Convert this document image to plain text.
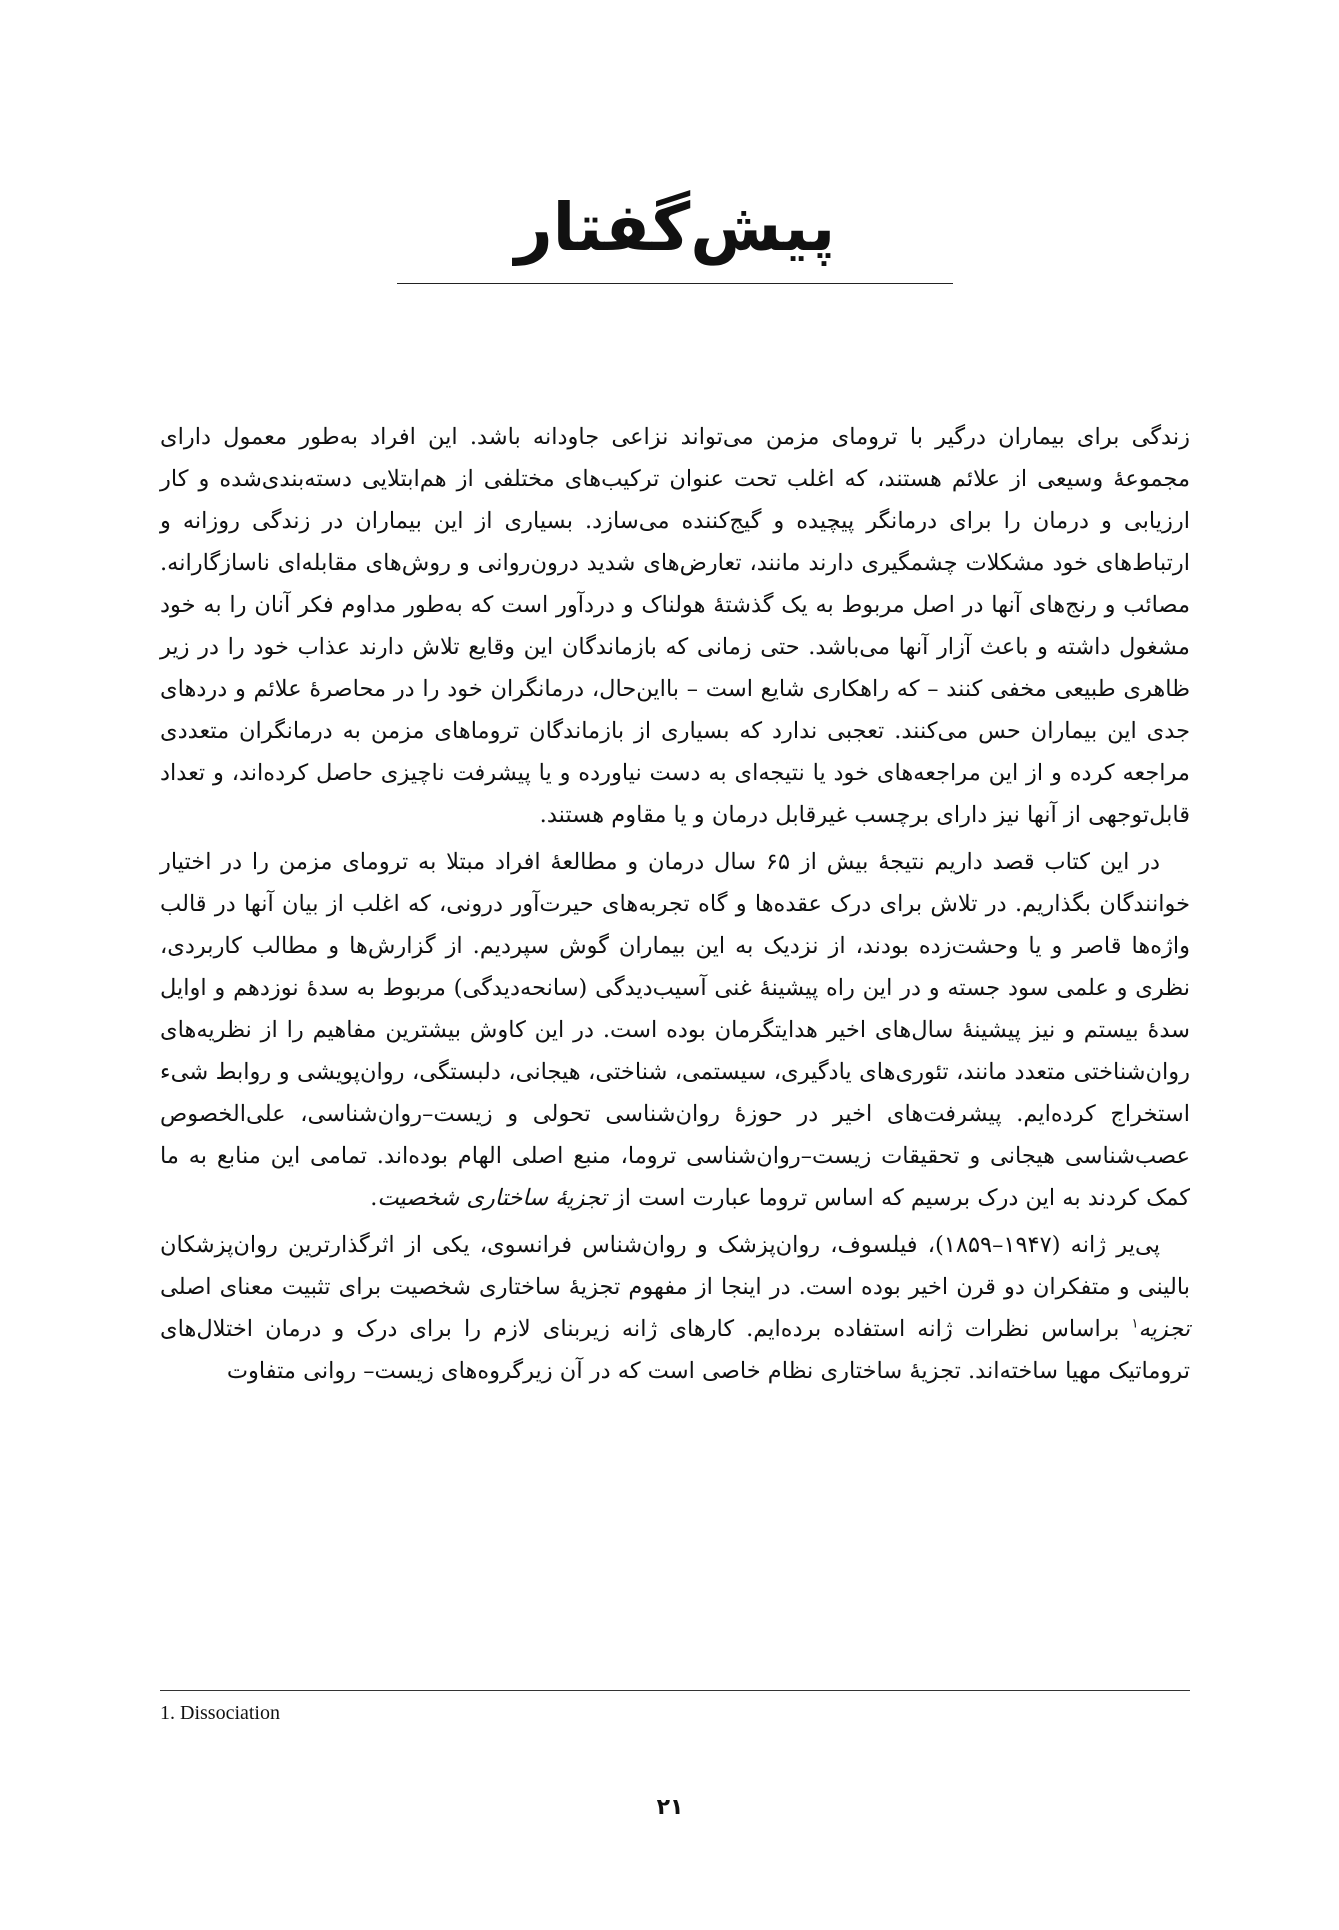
پیش‌گفتار

زندگی برای بیماران درگیر با ترومای مزمن می‌تواند نزاعی جاودانه باشد. این افراد به‌طور معمول دارای مجموعهٔ وسیعی از علائم هستند، که اغلب تحت عنوان ترکیب‌های مختلفی از هم‌ابتلایی دسته‌بندی‌شده و کار ارزیابی و درمان را برای درمانگر پیچیده و گیج‌کننده می‌سازد. بسیاری از این بیماران در زندگی روزانه و ارتباط‌های خود مشکلات چشمگیری دارند مانند، تعارض‌های شدید درون‌روانی و روش‌های مقابله‌ای ناسازگارانه. مصائب و رنج‌های آنها در اصل مربوط به یک گذشتهٔ هولناک و دردآور است که به‌طور مداوم فکر آنان را به خود مشغول داشته و باعث آزار آنها می‌باشد. حتی زمانی که بازماندگان این وقایع تلاش دارند عذاب خود را در زیر ظاهری طبیعی مخفی کنند – که راهکاری شایع است – بااین‌حال، درمانگران خود را در محاصرهٔ علائم و دردهای جدی این بیماران حس می‌کنند. تعجبی ندارد که بسیاری از بازماندگان تروماهای مزمن به درمانگران متعددی مراجعه کرده و از این مراجعه‌های خود یا نتیجه‌ای به دست نیاورده و یا پیشرفت ناچیزی حاصل کرده‌اند، و تعداد قابل‌توجهی از آنها نیز دارای برچسب غیرقابل درمان و یا مقاوم هستند.

در این کتاب قصد داریم نتیجهٔ بیش از ۶۵ سال درمان و مطالعهٔ افراد مبتلا به ترومای مزمن را در اختیار خوانندگان بگذاریم. در تلاش برای درک عقده‌ها و گاه تجربه‌های حیرت‌آور درونی، که اغلب از بیان آنها در قالب واژه‌ها قاصر و یا وحشت‌زده بودند، از نزدیک به این بیماران گوش سپردیم. از گزارش‌ها و مطالب کاربردی، نظری و علمی سود جسته و در این راه پیشینهٔ غنی آسیب‌دیدگی (سانحه‌دیدگی) مربوط به سدهٔ نوزدهم و اوایل سدهٔ بیستم و نیز پیشینهٔ سال‌های اخیر هدایتگرمان بوده است. در این کاوش بیشترین مفاهیم را از نظریه‌های روان‌شناختی متعدد مانند، تئوری‌های یادگیری، سیستمی، شناختی، هیجانی، دلبستگی، روان‌پویشی و روابط شیء استخراج کرده‌ایم. پیشرفت‌های اخیر در حوزهٔ روان‌شناسی تحولی و زیست–روان‌شناسی، علی‌الخصوص عصب‌شناسی هیجانی و تحقیقات زیست–روان‌شناسی تروما، منبع اصلی الهام بوده‌اند. تمامی این منابع به ما کمک کردند به این درک برسیم که اساس تروما عبارت است از تجزیهٔ ساختاری شخصیت.

پی‌یر ژانه (۱۹۴۷–۱۸۵۹)، فیلسوف، روان‌پزشک و روان‌شناس فرانسوی، یکی از اثرگذارترین روان‌پزشکان بالینی و متفکران دو قرن اخیر بوده است. در اینجا از مفهوم تجزیهٔ ساختاری شخصیت برای تثبیت معنای اصلی تجزیه$^۱$ براساس نظرات ژانه استفاده برده‌ایم. کارهای ژانه زیربنای لازم را برای درک و درمان اختلال‌های تروماتیک مهیا ساخته‌اند. تجزیهٔ ساختاری نظام خاصی است که در آن زیرگروه‌های زیست– روانی متفاوت

1. Dissociation

۲۱
